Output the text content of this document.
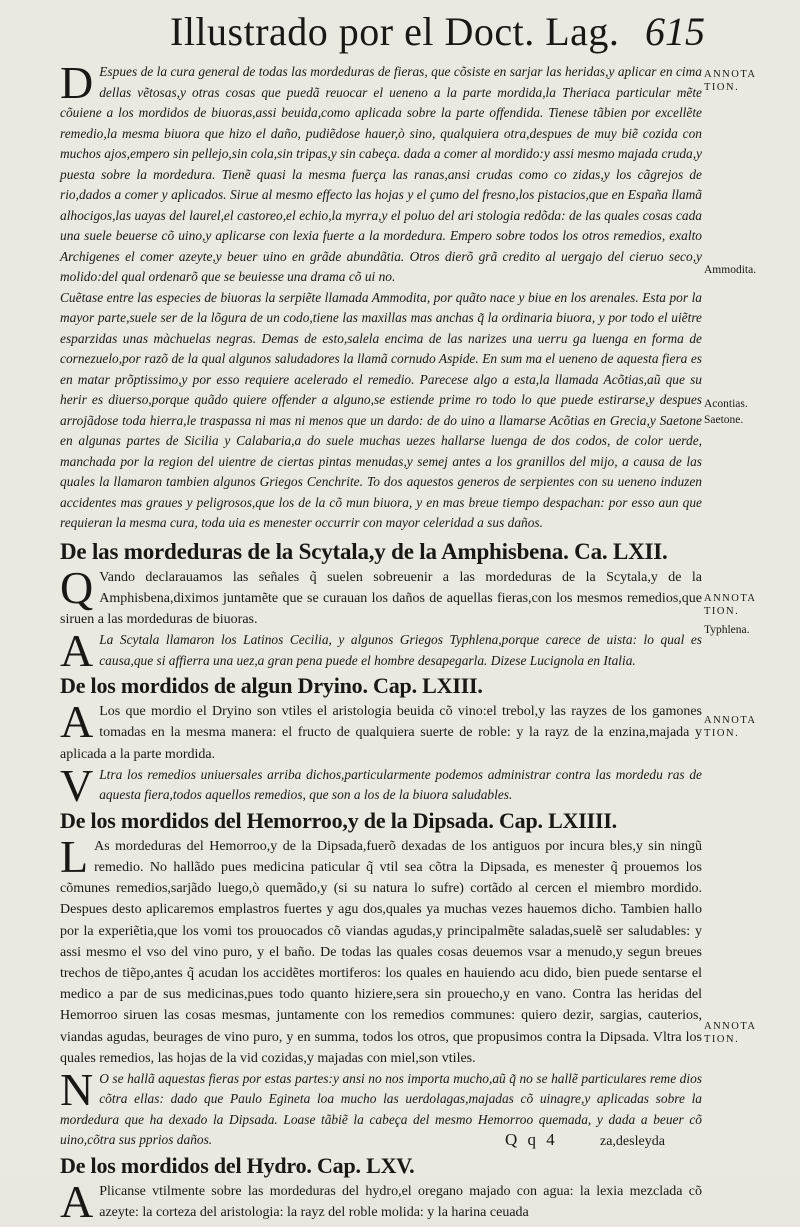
Illustrado por el Doct. Lag. 615

D Espues de la cura general de todas las mordeduras de fieras, que cõsiste en sarjar las heridas,y aplicar en cima dellas vẽtosas,y otras cosas que puedã reuocar el ueneno a la parte mordida,la Theriaca particular mẽte cõuiene a los mordidos de biuoras,assi beuida,como aplicada sobre la parte offendida. Tienese tãbien por excellẽte remedio,la mesma biuora que hizo el daño, pudiẽdose hauer,ò sino, qualquiera otra,despues de muy biẽ cozida con muchos ajos,empero sin pellejo,sin cola,sin tripas,y sin cabeça. dada a comer al mordido:y assi mesmo majada cruda,y puesta sobre la mordedura. Tienẽ quasi la mesma fuerça las ranas,ansi crudas como co zidas,y los cãgrejos de rio,dados a comer y aplicados. Sirue al mesmo effecto las hojas y el çumo del fresno,los pistacios,que en España llamã alhocigos,las uayas del laurel,el castoreo,el echio,la myrra,y el poluo del ari stologia redõda: de las quales cosas cada una suele beuerse cõ uino,y aplicarse con lexia fuerte a la mordedura. Empero sobre todos los otros remedios, exalto Archigenes el comer azeyte,y beuer uino en grãde abundãtia. Otros dierõ grã credito al uergajo del cieruo seco,y molido:del qual ordenarõ que se beuiesse una drama cõ ui no.

Cuẽtase entre las especies de biuoras la serpiẽte llamada Ammodita, por quãto nace y biue en los arenales. Esta por la mayor parte,suele ser de la lõgura de un codo,tiene las maxillas mas anchas q̃ la ordinaria biuora, y por todo el uiẽtre esparzidas unas màchuelas negras. Demas de esto,salela encima de las narizes una uerru ga luenga en forma de cornezuelo,por razõ de la qual algunos saludadores la llamã cornudo Aspide. En sum ma el ueneno de aquesta fiera es en matar prõptissimo,y por esso requiere acelerado el remedio. Parecese algo a esta,la llamada Acõtias,aũ que su herir es diuerso,porque quãdo quiere offender a alguno,se estiende prime ro todo lo que puede estirarse,y despues arrojãdose toda hierra,le traspassa ni mas ni menos que un dardo: de do uino a llamarse Acõtias en Grecia,y Saetone en algunas partes de Sicilia y Calabaria,a do suele muchas uezes hallarse luenga de dos codos, de color uerde, manchada por la region del uientre de ciertas pintas menudas,y semej antes a los granillos del mijo, a causa de las quales la llamaron tambien algunos Griegos Cenchrite. To dos aquestos generos de serpientes con su ueneno induzen accidentes mas graues y peligrosos,que los de la cõ mun biuora, y en mas breue tiempo despachan: por esso aun que requieran la mesma cura, toda uia es menester occurrir con mayor celeridad a sus daños.

De las mordeduras de la Scytala,y de la Amphisbena. Ca. LXII.

Q Vando declarauamos las señales q̃ suelen sobreuenir a las mordeduras de la Scytala,y de la Amphisbena,diximos juntamẽte que se curauan los daños de aquellas fieras,con los mesmos remedios,que siruen a las mordeduras de biuoras.

A La Scytala llamaron los Latinos Cecilia, y algunos Griegos Typhlena,porque carece de uista: lo qual es causa,que si affierra una uez,a gran pena puede el hombre desapegarla. Dizese Lucignola en Italia.

De los mordidos de algun Dryino. Cap. LXIII.

A Los que mordio el Dryino son vtiles el aristologia beuida cõ vino:el trebol,y las rayzes de los gamones tomadas en la mesma manera: el fructo de qualquiera suerte de roble: y la rayz de la enzina,majada y aplicada a la parte mordida.

V Ltra los remedios uniuersales arriba dichos,particularmente podemos administrar contra las mordedu ras de aquesta fiera,todos aquellos remedios, que son a los de la biuora saludables.

De los mordidos del Hemorroo,y de la Dipsada. Cap. LXIIII.

L As mordeduras del Hemorroo,y de la Dipsada,fuerõ dexadas de los antiguos por incura bles,y sin ningũ remedio. No hallãdo pues medicina paticular q̃ vtil sea cõtra la Dipsada, es menester q̃ prouemos los cõmunes remedios,sarjãdo luego,ò quemãdo,y (si su natura lo sufre) cortãdo al cercen el miembro mordido. Despues desto aplicaremos emplastros fuertes y agu dos,quales ya muchas vezes hauemos dicho. Tambien hallo por la experiẽtia,que los vomi tos prouocados cõ viandas agudas,y principalmẽte saladas,suelẽ ser saludables: y assi mesmo el vso del vino puro, y el baño. De todas las quales cosas deuemos vsar a menudo,y segun breues trechos de tiẽpo,antes q̃ acudan los accidẽtes mortiferos: los quales en hauiendo acu dido, bien puede sentarse el medico a par de sus medicinas,pues todo quanto hiziere,sera sin prouecho,y en vano. Contra las heridas del Hemorroo siruen las cosas mesmas, juntamente con los remedios communes: quiero dezir, sargias, cauterios, viandas agudas, beurages de vino puro, y en summa, todos los otros, que propusimos contra la Dipsada. Vltra los quales remedios, las hojas de la vid cozidas,y majadas con miel,son vtiles.

N O se hallã aquestas fieras por estas partes:y ansi no nos importa mucho,aũ q̃ no se hallẽ particulares reme dios cõtra ellas: dado que Paulo Egineta loa mucho las uerdolagas,majadas cõ uinagre,y aplicadas sobre la mordedura que ha dexado la Dipsada. Loase tãbiẽ la cabeça del mesmo Hemorroo quemada, y dada a beuer cõ uino,cõtra sus pprios daños.

De los mordidos del Hydro. Cap. LXV.

A Plicanse vtilmente sobre las mordeduras del hydro,el oregano majado con agua: la lexia mezclada cõ azeyte: la corteza del aristologia: la rayz del roble molida: y la harina ceuada

ANNOTA TION.
Ammodita.
Acontias.
Saetone.
ANNOTA TION.
Typhlena.
ANNOTA TION.
ANNOTA TION.
Q q 4	za,desleyda
